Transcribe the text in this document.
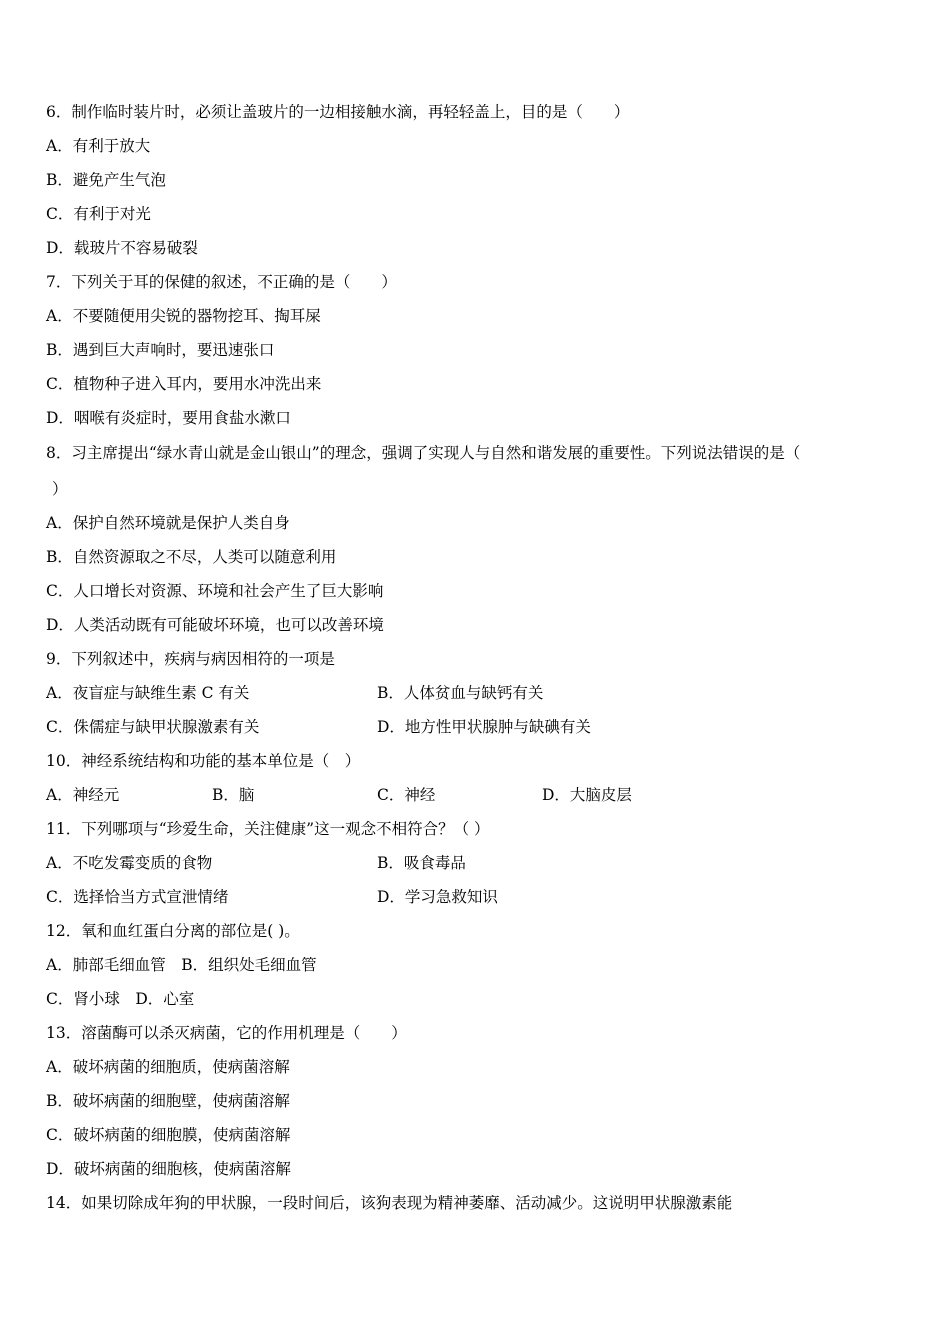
6．制作临时装片时，必须让盖玻片的一边相接触水滴，再轻轻盖上，目的是（　　）
A．有利于放大
B．避免产生气泡
C．有利于对光
D．载玻片不容易破裂
7．下列关于耳的保健的叙述，不正确的是（　　）
A．不要随便用尖锐的器物挖耳、掏耳屎
B．遇到巨大声响时，要迅速张口
C．植物种子进入耳内，要用水冲洗出来
D．咽喉有炎症时，要用食盐水漱口
8．习主席提出“绿水青山就是金山银山”的理念，强调了实现人与自然和谐发展的重要性。下列说法错误的是（
）
A．保护自然环境就是保护人类自身
B．自然资源取之不尽，人类可以随意利用
C．人口增长对资源、环境和社会产生了巨大影响
D．人类活动既有可能破坏环境，也可以改善环境
9．下列叙述中，疾病与病因相符的一项是
A．夜盲症与缺维生素 C 有关	B．人体贫血与缺钙有关
C．侏儒症与缺甲状腺激素有关	D．地方性甲状腺肿与缺碘有关
10．神经系统结构和功能的基本单位是（　）
A．神经元	B．脑	C．神经	D．大脑皮层
11．下列哪项与“珍爱生命，关注健康”这一观念不相符合？（ ）
A．不吃发霉变质的食物	B．吸食毒品
C．选择恰当方式宣泄情绪	D．学习急救知识
12．氧和血红蛋白分离的部位是( )。
A．肺部毛细血管　B．组织处毛细血管
C．肾小球　D．心室
13．溶菌酶可以杀灭病菌，它的作用机理是（　　）
A．破坏病菌的细胞质，使病菌溶解
B．破坏病菌的细胞壁，使病菌溶解
C．破坏病菌的细胞膜，使病菌溶解
D．破坏病菌的细胞核，使病菌溶解
14．如果切除成年狗的甲状腺，一段时间后，该狗表现为精神萎靡、活动减少。这说明甲状腺激素能
